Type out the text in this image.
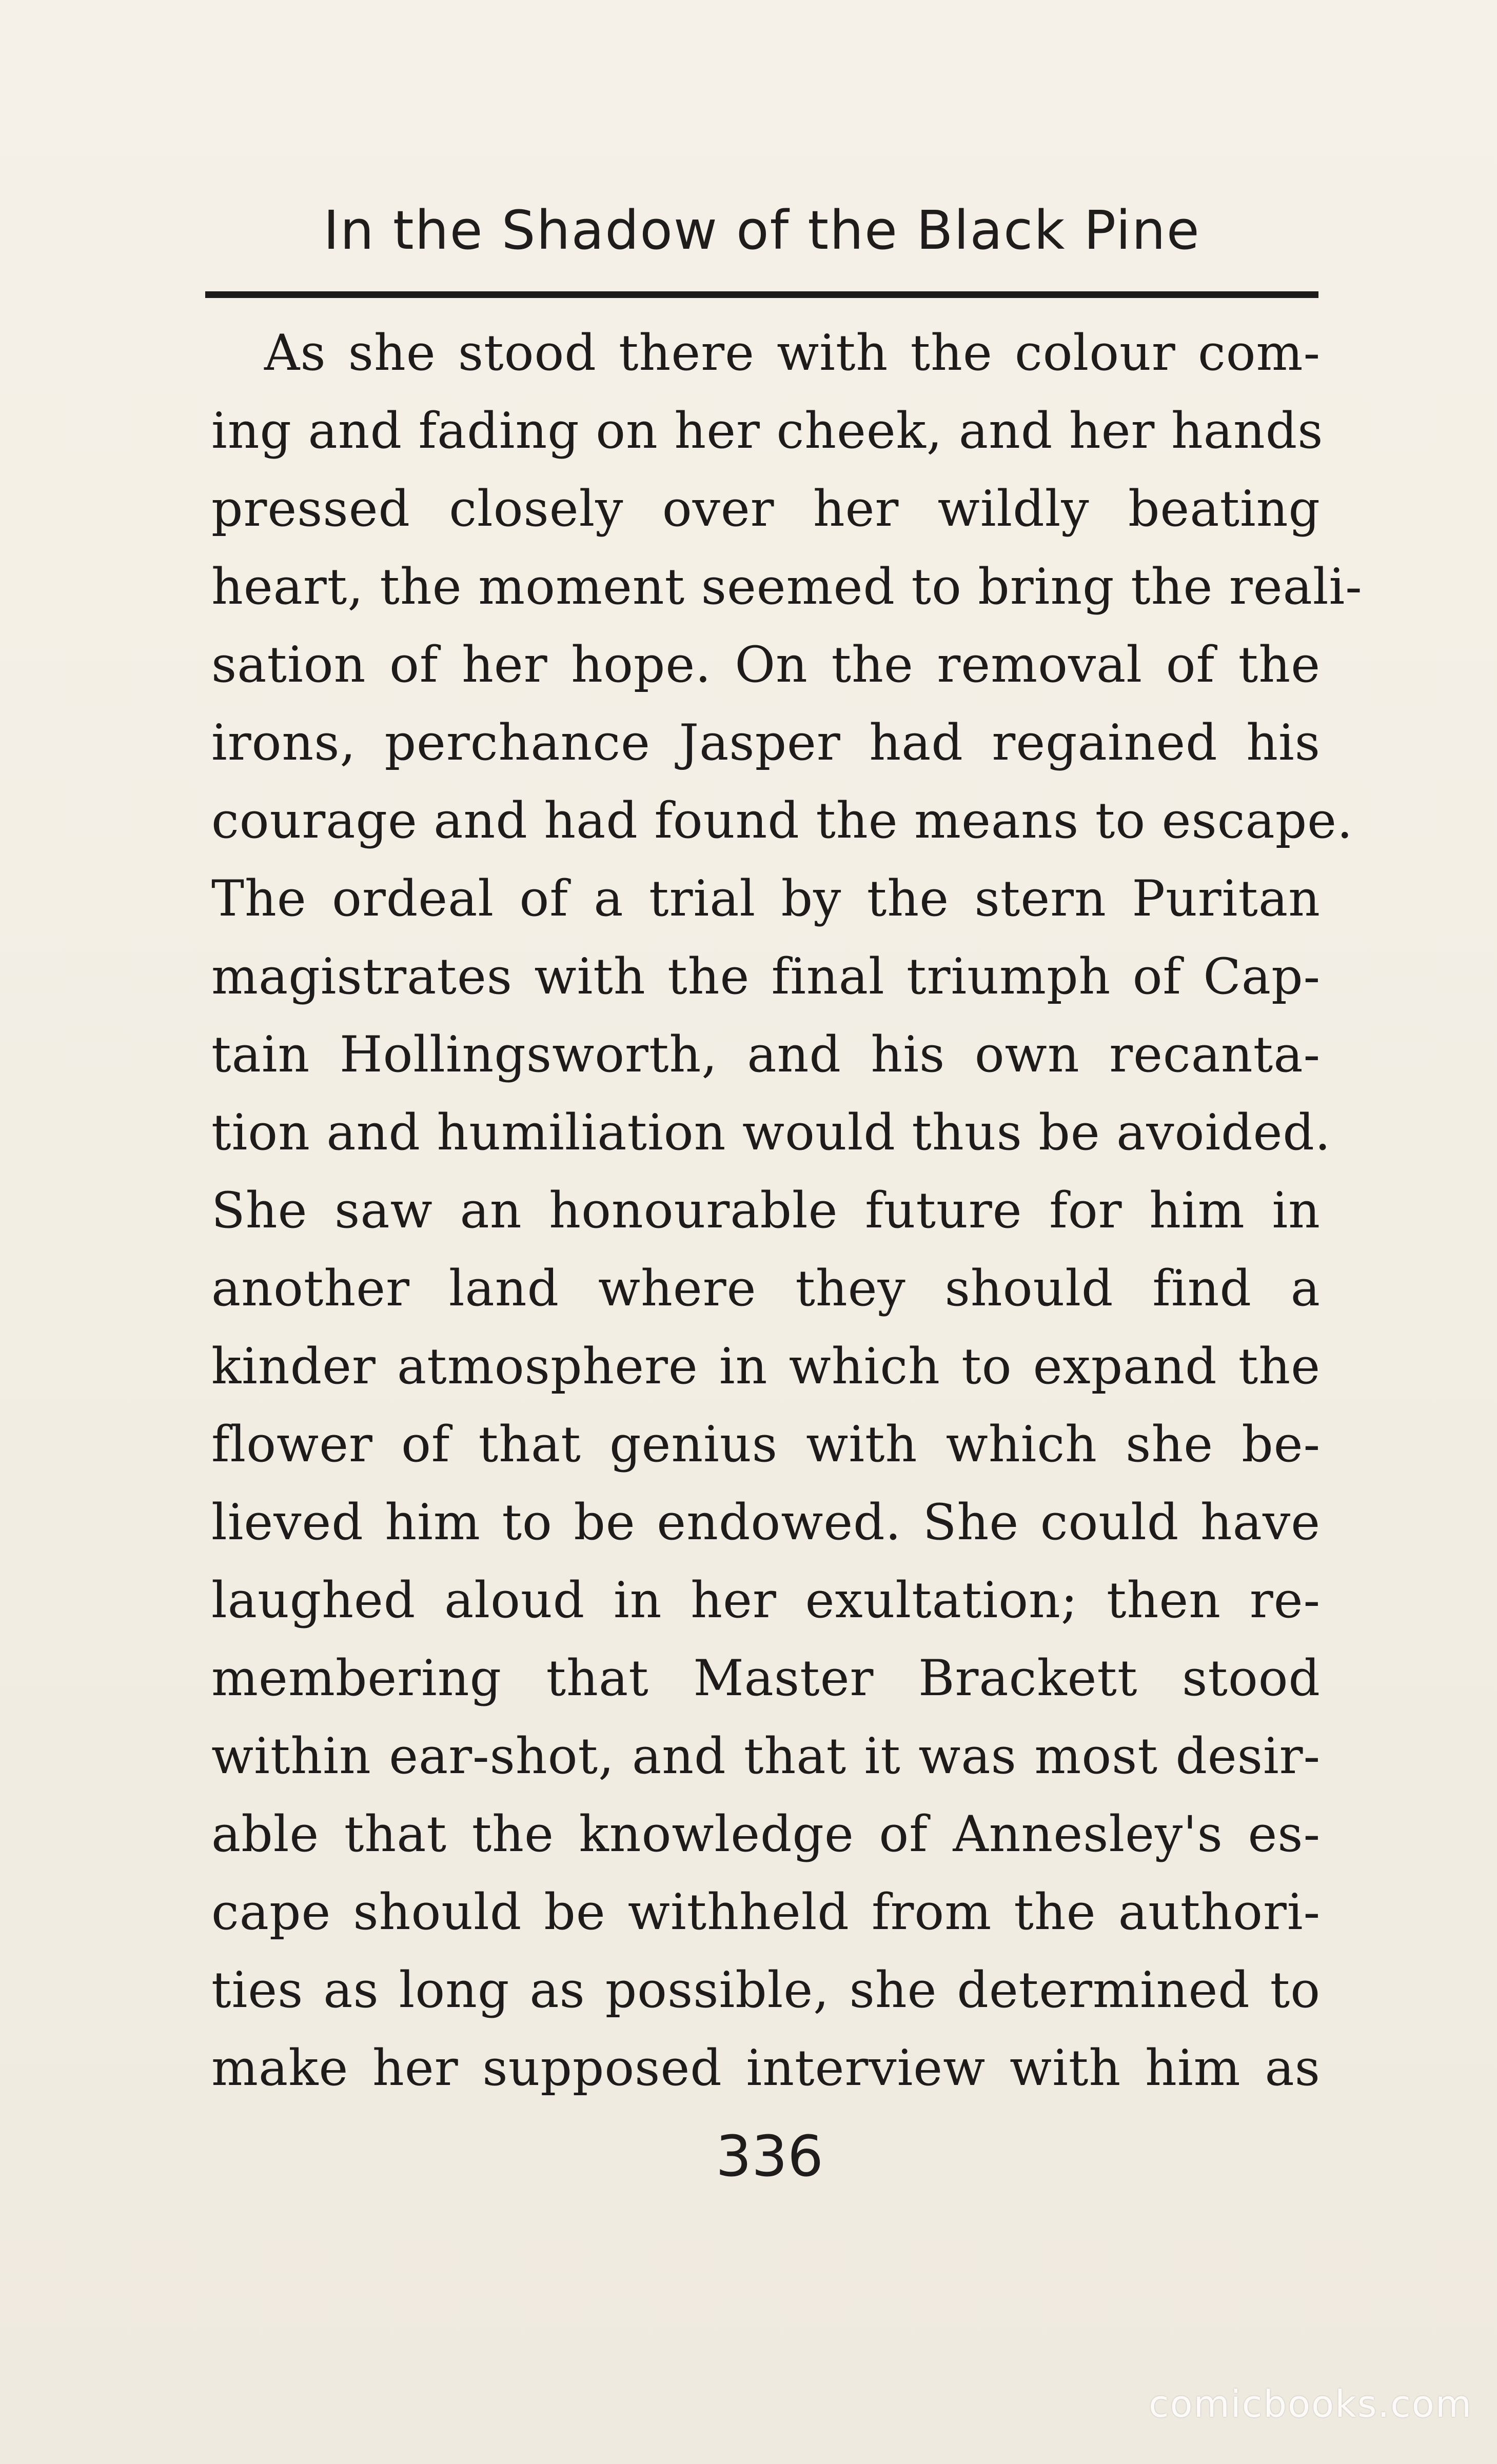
In the Shadow of the Black Pine
As she stood there with the colour com-
ing and fading on her cheek, and her hands
pressed closely over her wildly beating
heart, the moment seemed to bring the reali-
sation of her hope. On the removal of the
irons, perchance Jasper had regained his
courage and had found the means to escape.
The ordeal of a trial by the stern Puritan
magistrates with the final triumph of Cap-
tain Hollingsworth, and his own recanta-
tion and humiliation would thus be avoided.
She saw an honourable future for him in
another land where they should find a
kinder atmosphere in which to expand the
flower of that genius with which she be-
lieved him to be endowed. She could have
laughed aloud in her exultation; then re-
membering that Master Brackett stood
within ear-shot, and that it was most desir-
able that the knowledge of Annesley's es-
cape should be withheld from the authori-
ties as long as possible, she determined to
make her supposed interview with him as
336
comicbooks.com
